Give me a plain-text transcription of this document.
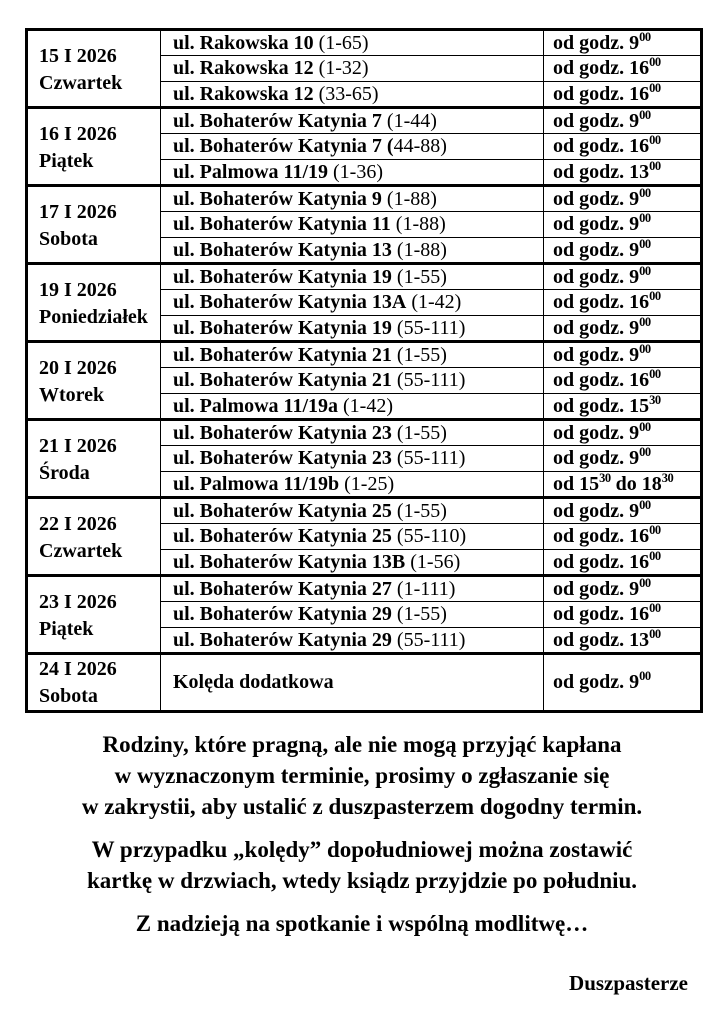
15 I 2026
Czwartek	ul. Rakowska 10 (1-65)	od godz. $9^{00}$
	ul. Rakowska 12 (1-32)	od godz. $16^{00}$
	ul. Rakowska 12 (33-65)	od godz. $16^{00}$

16 I 2026
Piątek	ul. Bohaterów Katynia 7 (1-44)	od godz. $9^{00}$
	ul. Bohaterów Katynia 7 (44-88)	od godz. $16^{00}$
	ul. Palmowa 11/19 (1-36)	od godz. $13^{00}$

17 I 2026
Sobota	ul. Bohaterów Katynia 9 (1-88)	od godz. $9^{00}$
	ul. Bohaterów Katynia 11 (1-88)	od godz. $9^{00}$
	ul. Bohaterów Katynia 13 (1-88)	od godz. $9^{00}$

19 I 2026
Poniedziałek	ul. Bohaterów Katynia 19 (1-55)	od godz. $9^{00}$
	ul. Bohaterów Katynia 13A (1-42)	od godz. $16^{00}$
	ul. Bohaterów Katynia 19 (55-111)	od godz. $9^{00}$

20 I 2026
Wtorek	ul. Bohaterów Katynia 21 (1-55)	od godz. $9^{00}$
	ul. Bohaterów Katynia 21 (55-111)	od godz. $16^{00}$
	ul. Palmowa 11/19a (1-42)	od godz. $15^{30}$

21 I 2026
Środa	ul. Bohaterów Katynia 23 (1-55)	od godz. $9^{00}$
	ul. Bohaterów Katynia 23 (55-111)	od godz. $9^{00}$
	ul. Palmowa 11/19b (1-25)	od $15^{30}$ do $18^{30}$

22 I 2026
Czwartek	ul. Bohaterów Katynia 25 (1-55)	od godz. $9^{00}$
	ul. Bohaterów Katynia 25 (55-110)	od godz. $16^{00}$
	ul. Bohaterów Katynia 13B (1-56)	od godz. $16^{00}$

23 I 2026
Piątek	ul. Bohaterów Katynia 27 (1-111)	od godz. $9^{00}$
	ul. Bohaterów Katynia 29 (1-55)	od godz. $16^{00}$
	ul. Bohaterów Katynia 29 (55-111)	od godz. $13^{00}$

24 I 2026
Sobota	Kolęda dodatkowa	od godz. $9^{00}$

Rodziny, które pragną, ale nie mogą przyjąć kapłana
w wyznaczonym terminie, prosimy o zgłaszanie się
w zakrystii, aby ustalić z duszpasterzem dogodny termin.

W przypadku „kolędy” dopołudniowej można zostawić
kartkę w drzwiach, wtedy ksiądz przyjdzie po południu.

Z nadzieją na spotkanie i wspólną modlitwę…

Duszpasterze
